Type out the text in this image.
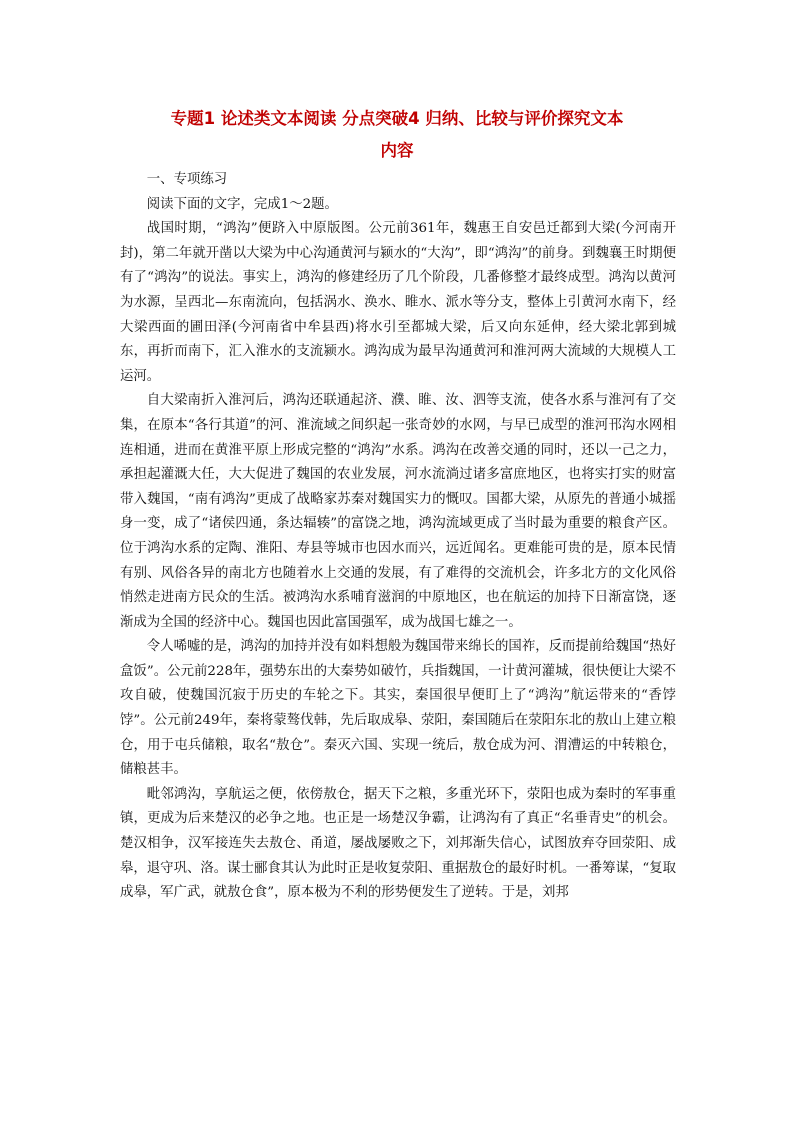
专题1 论述类文本阅读 分点突破4 归纳、比较与评价探究文本
内容

一、专项练习

阅读下面的文字，完成1～2题。

战国时期，“鸿沟”便跻入中原版图。公元前361年，魏惠王自安邑迁都到大梁(今河南开封)，第二年就开凿以大梁为中心沟通黄河与颍水的“大沟”，即“鸿沟”的前身。到魏襄王时期便有了“鸿沟”的说法。事实上，鸿沟的修建经历了几个阶段，几番修整才最终成型。鸿沟以黄河为水源，呈西北—东南流向，包括涡水、涣水、睢水、派水等分支，整体上引黄河水南下，经大梁西面的圃田泽(今河南省中牟县西)将水引至都城大梁，后又向东延伸，经大梁北郭到城东，再折而南下，汇入淮水的支流颍水。鸿沟成为最早沟通黄河和淮河两大流域的大规模人工运河。

自大梁南折入淮河后，鸿沟还联通起济、濮、睢、汝、泗等支流，使各水系与淮河有了交集，在原本“各行其道”的河、淮流域之间织起一张奇妙的水网，与早已成型的淮河邗沟水网相连相通，进而在黄淮平原上形成完整的“鸿沟”水系。鸿沟在改善交通的同时，还以一己之力，承担起灌溉大任，大大促进了魏国的农业发展，河水流淌过诸多富庶地区，也将实打实的财富带入魏国，“南有鸿沟”更成了战略家苏秦对魏国实力的慨叹。国都大梁，从原先的普通小城摇身一变，成了“诸侯四通，条达辐辏”的富饶之地，鸿沟流域更成了当时最为重要的粮食产区。位于鸿沟水系的定陶、淮阳、寿县等城市也因水而兴，远近闻名。更难能可贵的是，原本民情有别、风俗各异的南北方也随着水上交通的发展，有了难得的交流机会，许多北方的文化风俗悄然走进南方民众的生活。被鸿沟水系哺育滋润的中原地区，也在航运的加持下日渐富饶，逐渐成为全国的经济中心。魏国也因此富国强军，成为战国七雄之一。

令人唏嘘的是，鸿沟的加持并没有如料想般为魏国带来绵长的国祚，反而提前给魏国“热好盒饭”。公元前228年，强势东出的大秦势如破竹，兵指魏国，一计黄河灌城，很快便让大梁不攻自破，使魏国沉寂于历史的车轮之下。其实，秦国很早便盯上了“鸿沟”航运带来的“香饽饽”。公元前249年，秦将蒙骜伐韩，先后取成皋、荥阳，秦国随后在荥阳东北的敖山上建立粮仓，用于屯兵储粮，取名“敖仓”。秦灭六国、实现一统后，敖仓成为河、渭漕运的中转粮仓，储粮甚丰。

毗邻鸿沟，享航运之便，依傍敖仓，据天下之粮，多重光环下，荥阳也成为秦时的军事重镇，更成为后来楚汉的必争之地。也正是一场楚汉争霸，让鸿沟有了真正“名垂青史”的机会。楚汉相争，汉军接连失去敖仓、甬道，屡战屡败之下，刘邦渐失信心，试图放弃夺回荥阳、成皋，退守巩、洛。谋士郦食其认为此时正是收复荥阳、重据敖仓的最好时机。一番筹谋，“复取成皋，军广武，就敖仓食”，原本极为不利的形势便发生了逆转。于是，刘邦
